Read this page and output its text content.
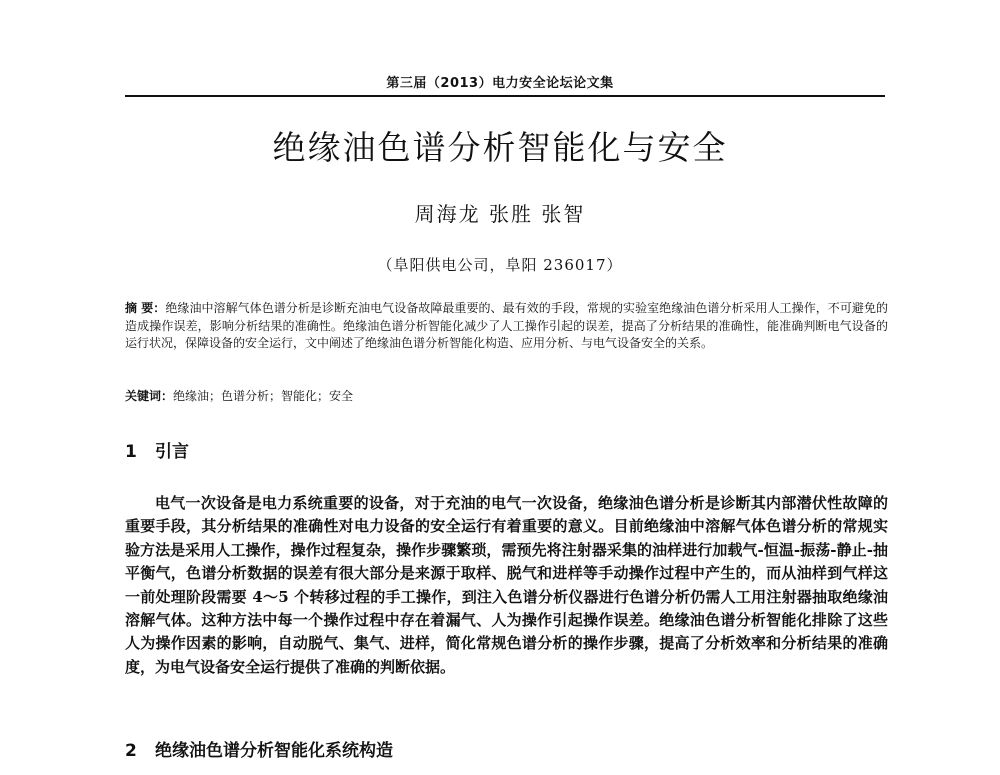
第三届（2013）电力安全论坛论文集
绝缘油色谱分析智能化与安全
周海龙 张胜 张智
（阜阳供电公司，阜阳 236017）
摘 要：绝缘油中溶解气体色谱分析是诊断充油电气设备故障最重要的、最有效的手段，常规的实验室绝缘油色谱分析采用人工操作，不可避免的造成操作误差，影响分析结果的准确性。绝缘油色谱分析智能化减少了人工操作引起的误差，提高了分析结果的准确性，能准确判断电气设备的运行状况，保障设备的安全运行，文中阐述了绝缘油色谱分析智能化构造、应用分析、与电气设备安全的关系。
关键词：绝缘油；色谱分析；智能化；安全
1 引言
电气一次设备是电力系统重要的设备，对于充油的电气一次设备，绝缘油色谱分析是诊断其内部潜伏性故障的重要手段，其分析结果的准确性对电力设备的安全运行有着重要的意义。目前绝缘油中溶解气体色谱分析的常规实验方法是采用人工操作，操作过程复杂，操作步骤繁琐，需预先将注射器采集的油样进行加载气-恒温-振荡-静止-抽平衡气，色谱分析数据的误差有很大部分是来源于取样、脱气和进样等手动操作过程中产生的，而从油样到气样这一前处理阶段需要 4～5 个转移过程的手工操作，到注入色谱分析仪器进行色谱分析仍需人工用注射器抽取绝缘油溶解气体。这种方法中每一个操作过程中存在着漏气、人为操作引起操作误差。绝缘油色谱分析智能化排除了这些人为操作因素的影响，自动脱气、集气、进样，简化常规色谱分析的操作步骤，提高了分析效率和分析结果的准确度，为电气设备安全运行提供了准确的判断依据。
2 绝缘油色谱分析智能化系统构造
